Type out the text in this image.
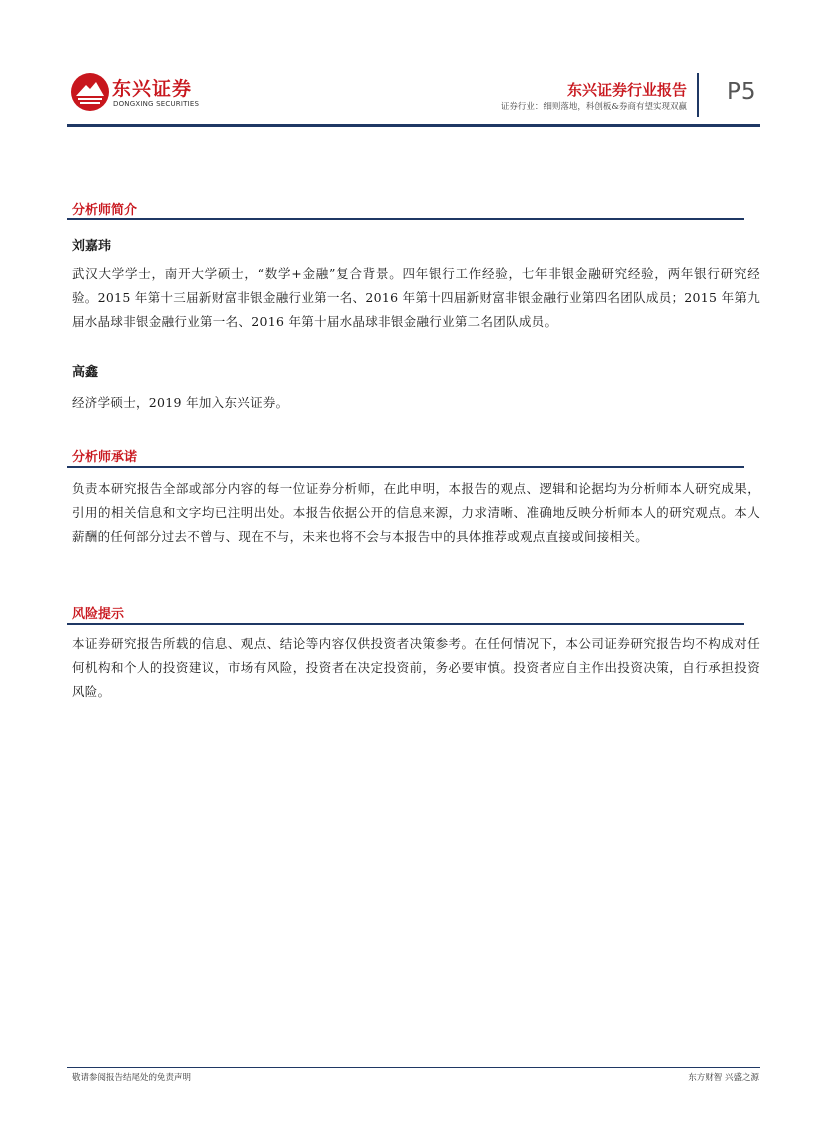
东兴证券
DONGXING SECURITIES
东兴证券行业报告
证券行业：细则落地，科创板&券商有望实现双赢
P5
分析师简介
刘嘉玮
武汉大学学士，南开大学硕士，“数学+金融”复合背景。四年银行工作经验，七年非银金融研究经验，两年银行研究经验。2015 年第十三届新财富非银金融行业第一名、2016 年第十四届新财富非银金融行业第四名团队成员；2015 年第九届水晶球非银金融行业第一名、2016 年第十届水晶球非银金融行业第二名团队成员。
高鑫
经济学硕士，2019 年加入东兴证券。
分析师承诺
负责本研究报告全部或部分内容的每一位证券分析师，在此申明，本报告的观点、逻辑和论据均为分析师本人研究成果，引用的相关信息和文字均已注明出处。本报告依据公开的信息来源，力求清晰、准确地反映分析师本人的研究观点。本人薪酬的任何部分过去不曾与、现在不与，未来也将不会与本报告中的具体推荐或观点直接或间接相关。
风险提示
本证券研究报告所载的信息、观点、结论等内容仅供投资者决策参考。在任何情况下，本公司证券研究报告均不构成对任何机构和个人的投资建议，市场有风险，投资者在决定投资前，务必要审慎。投资者应自主作出投资决策，自行承担投资风险。
敬请参阅报告结尾处的免责声明	东方财智 兴盛之源
